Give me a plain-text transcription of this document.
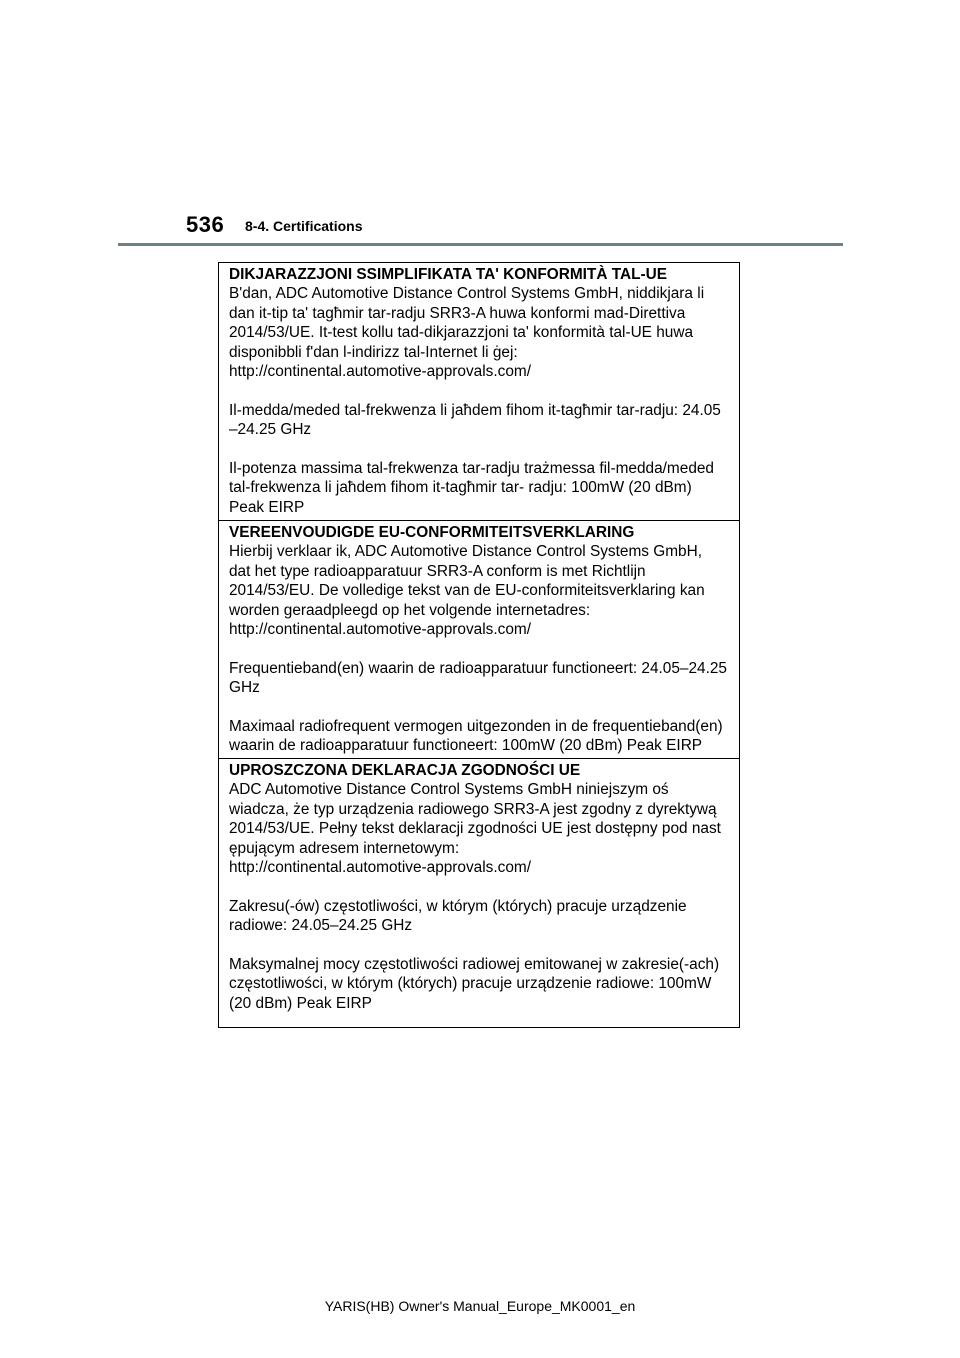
536 8-4. Certifications
DIKJARAZZJONI SSIMPLIFIKATA TA' KONFORMITÀ TAL-UE
B'dan, ADC Automotive Distance Control Systems GmbH, niddikjara li
dan it-tip ta' tagħmir tar-radju SRR3-A huwa konformi mad-Direttiva
2014/53/UE. It-test kollu tad-dikjarazzjoni ta' konformità tal-UE huwa
disponibbli f'dan l-indirizz tal-Internet li ġej:
http://continental.automotive-approvals.com/
Il-medda/meded tal-frekwenza li jaħdem fihom it-tagħmir tar-radju: 24.05
–24.25 GHz
Il-potenza massima tal-frekwenza tar-radju trażmessa fil-medda/meded
tal-frekwenza li jaħdem fihom it-tagħmir tar- radju: 100mW (20 dBm)
Peak EIRP
VEREENVOUDIGDE EU-CONFORMITEITSVERKLARING
Hierbij verklaar ik, ADC Automotive Distance Control Systems GmbH,
dat het type radioapparatuur SRR3-A conform is met Richtlijn
2014/53/EU. De volledige tekst van de EU-conformiteitsverklaring kan
worden geraadpleegd op het volgende internetadres:
http://continental.automotive-approvals.com/
Frequentieband(en) waarin de radioapparatuur functioneert: 24.05–24.25
GHz
Maximaal radiofrequent vermogen uitgezonden in de frequentieband(en)
waarin de radioapparatuur functioneert: 100mW (20 dBm) Peak EIRP
UPROSZCZONA DEKLARACJA ZGODNOŚCI UE
ADC Automotive Distance Control Systems GmbH niniejszym oś
wiadcza, że typ urządzenia radiowego SRR3-A jest zgodny z dyrektywą
2014/53/UE. Pełny tekst deklaracji zgodności UE jest dostępny pod nast
ępującym adresem internetowym:
http://continental.automotive-approvals.com/
Zakresu(-ów) częstotliwości, w którym (których) pracuje urządzenie
radiowe: 24.05–24.25 GHz
Maksymalnej mocy częstotliwości radiowej emitowanej w zakresie(-ach)
częstotliwości, w którym (których) pracuje urządzenie radiowe: 100mW
(20 dBm) Peak EIRP
YARIS(HB) Owner's Manual_Europe_MK0001_en
